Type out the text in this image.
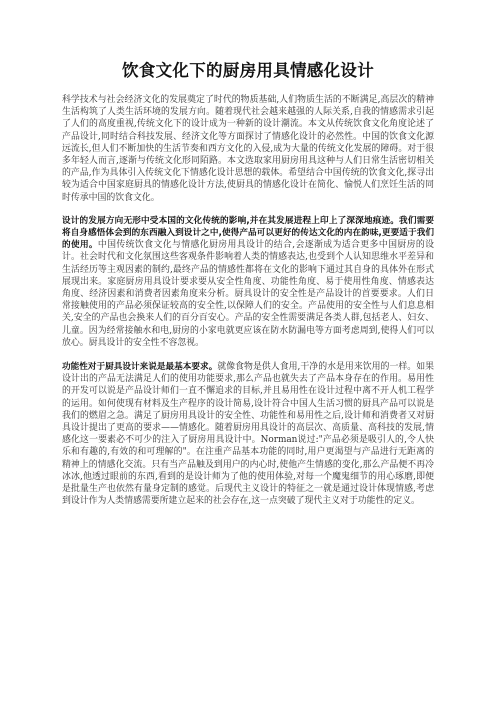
饮食文化下的厨房用具情感化设计

科学技术与社会经济文化的发展奠定了时代的物质基础,人们物质生活的不断满足,高层次的精神生活构筑了人类生活环境的发展方向。随着现代社会越来越强的人际关系,自我的情感需求引起了人们的高度重视,传统文化下的设计成为一种新的设计潮流。本文从传统饮食文化角度论述了产品设计,同时结合科技发展、经济文化等方面探讨了情感化设计的必然性。中国的饮食文化源远流长,但人们不断加快的生活节奏和西方文化的入侵,成为大量的传统文化发展的障碍。对于很多年轻人而言,逐渐与传统文化形同陌路。本文选取家用厨房用具这种与人们日常生活密切相关的产品,作为具体引入传统文化下情感化设计思想的载体。希望结合中国传统的饮食文化,探寻出较为适合中国家庭厨具的情感化设计方法,使厨具的情感化设计在简化、愉悦人们烹饪生活的同时传承中国的饮食文化。

设计的发展方向无形中受本国的文化传统的影响,并在其发展进程上印上了深深地痕迹。我们需要将自身感悟体会到的东西融入到设计之中,使得产品可以更好的传达文化的内在韵味,更要适于我们的使用。中国传统饮食文化与情感化厨房用具设计的结合,会逐渐成为适合更多中国厨房的设计。社会时代和文化氛围这些客观条件影响着人类的情感表达,也受到个人认知思维水平差异和生活经历等主观因素的制约,最终产品的情感性都将在文化的影响下通过其自身的具体外在形式展现出来。家庭厨房用具设计要求要从安全性角度、功能性角度、易于使用性角度、情感表达角度、经济因素和消费者因素角度来分析。厨具设计的安全性是产品设计的首要要求。人们日常接触使用的产品必须保证较高的安全性,以保障人们的安全。产品使用的安全性与人们息息相关,安全的产品也会换来人们的百分百安心。产品的安全性需要满足各类人群,包括老人、妇女、儿童。因为经常接触水和电,厨房的小家电就更应该在防水防漏电等方面考虑周到,使得人们可以放心。厨具设计的安全性不容忽视。

功能性对于厨具设计来说是最基本要求。就像食物是供人食用,干净的水是用来饮用的一样。如果设计出的产品无法满足人们的使用功能要求,那么产品也就失去了产品本身存在的作用。易用性的开发可以说是产品设计师们一直不懈追求的目标,并且易用性在设计过程中离不开人机工程学的运用。如何使现有材料及生产程序的设计简易,设计符合中国人生活习惯的厨具产品可以说是我们的燃眉之急。满足了厨房用具设计的安全性、功能性和易用性之后,设计师和消费者又对厨具设计提出了更高的要求——情感化。随着厨房用具设计的高层次、高质量、高科技的发展,情感化这一要素必不可少的注入了厨房用具设计中。Norman说过:"产品必须是吸引人的,令人快乐和有趣的,有效的和可理解的"。在注重产品基本功能的同时,用户更渴望与产品进行无距离的精神上的情感化交流。只有当产品触及到用户的内心时,使他产生情感的变化,那么产品便不再冷冰冰,他透过眼前的东西,看到的是设计师为了他的使用体验,对每一个魔鬼细节的用心琢磨,即便是批量生产也依然有量身定制的感觉。后现代主义设计的特征之一就是通过设计体现情感,考虑到设计作为人类情感需要所建立起来的社会存在,这一点突破了现代主义对于功能性的定义。
